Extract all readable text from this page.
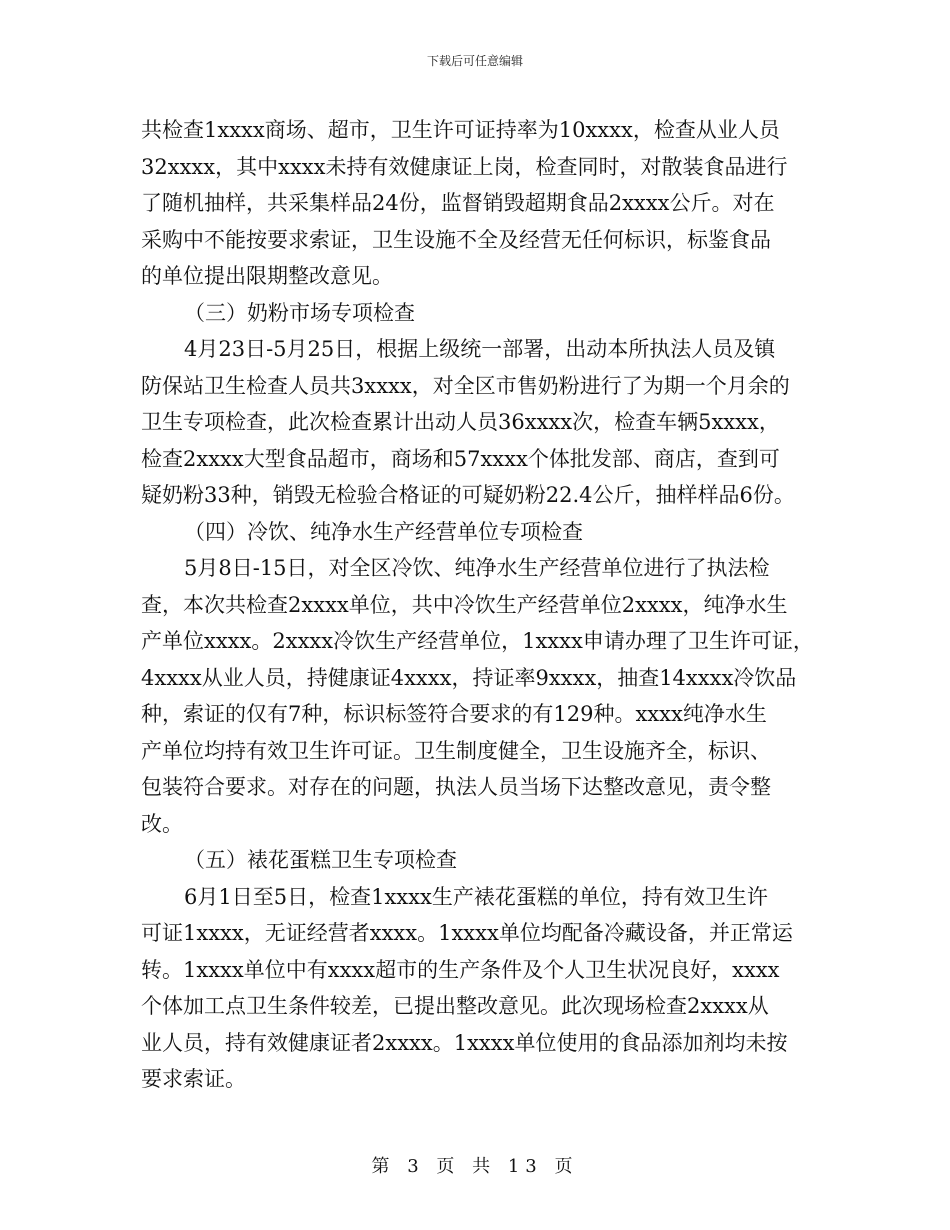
下载后可任意编辑
共检查1xxxx商场、超市，卫生许可证持率为10xxxx，检查从业人员
32xxxx，其中xxxx未持有效健康证上岗，检查同时，对散装食品进行
了随机抽样，共采集样品24份，监督销毁超期食品2xxxx公斤。对在
采购中不能按要求索证，卫生设施不全及经营无任何标识，标鉴食品
的单位提出限期整改意见。
（三）奶粉市场专项检查
4月23日-5月25日，根据上级统一部署，出动本所执法人员及镇
防保站卫生检查人员共3xxxx，对全区市售奶粉进行了为期一个月余的
卫生专项检查，此次检查累计出动人员36xxxx次，检查车辆5xxxx，
检查2xxxx大型食品超市，商场和57xxxx个体批发部、商店，查到可
疑奶粉33种，销毁无检验合格证的可疑奶粉22.4公斤，抽样样品6份。
（四）冷饮、纯净水生产经营单位专项检查
5月8日-15日，对全区冷饮、纯净水生产经营单位进行了执法检
查，本次共检查2xxxx单位，共中冷饮生产经营单位2xxxx，纯净水生
产单位xxxx。2xxxx冷饮生产经营单位，1xxxx申请办理了卫生许可证，
4xxxx从业人员，持健康证4xxxx，持证率9xxxx，抽查14xxxx冷饮品
种，索证的仅有7种，标识标签符合要求的有129种。xxxx纯净水生
产单位均持有效卫生许可证。卫生制度健全，卫生设施齐全，标识、
包装符合要求。对存在的问题，执法人员当场下达整改意见，责令整
改。
（五）裱花蛋糕卫生专项检查
6月1日至5日，检查1xxxx生产裱花蛋糕的单位，持有效卫生许
可证1xxxx，无证经营者xxxx。1xxxx单位均配备冷藏设备，并正常运
转。1xxxx单位中有xxxx超市的生产条件及个人卫生状况良好，xxxx
个体加工点卫生条件较差，已提出整改意见。此次现场检查2xxxx从
业人员，持有效健康证者2xxxx。1xxxx单位使用的食品添加剂均未按
要求索证。
第 3 页 共 13 页
